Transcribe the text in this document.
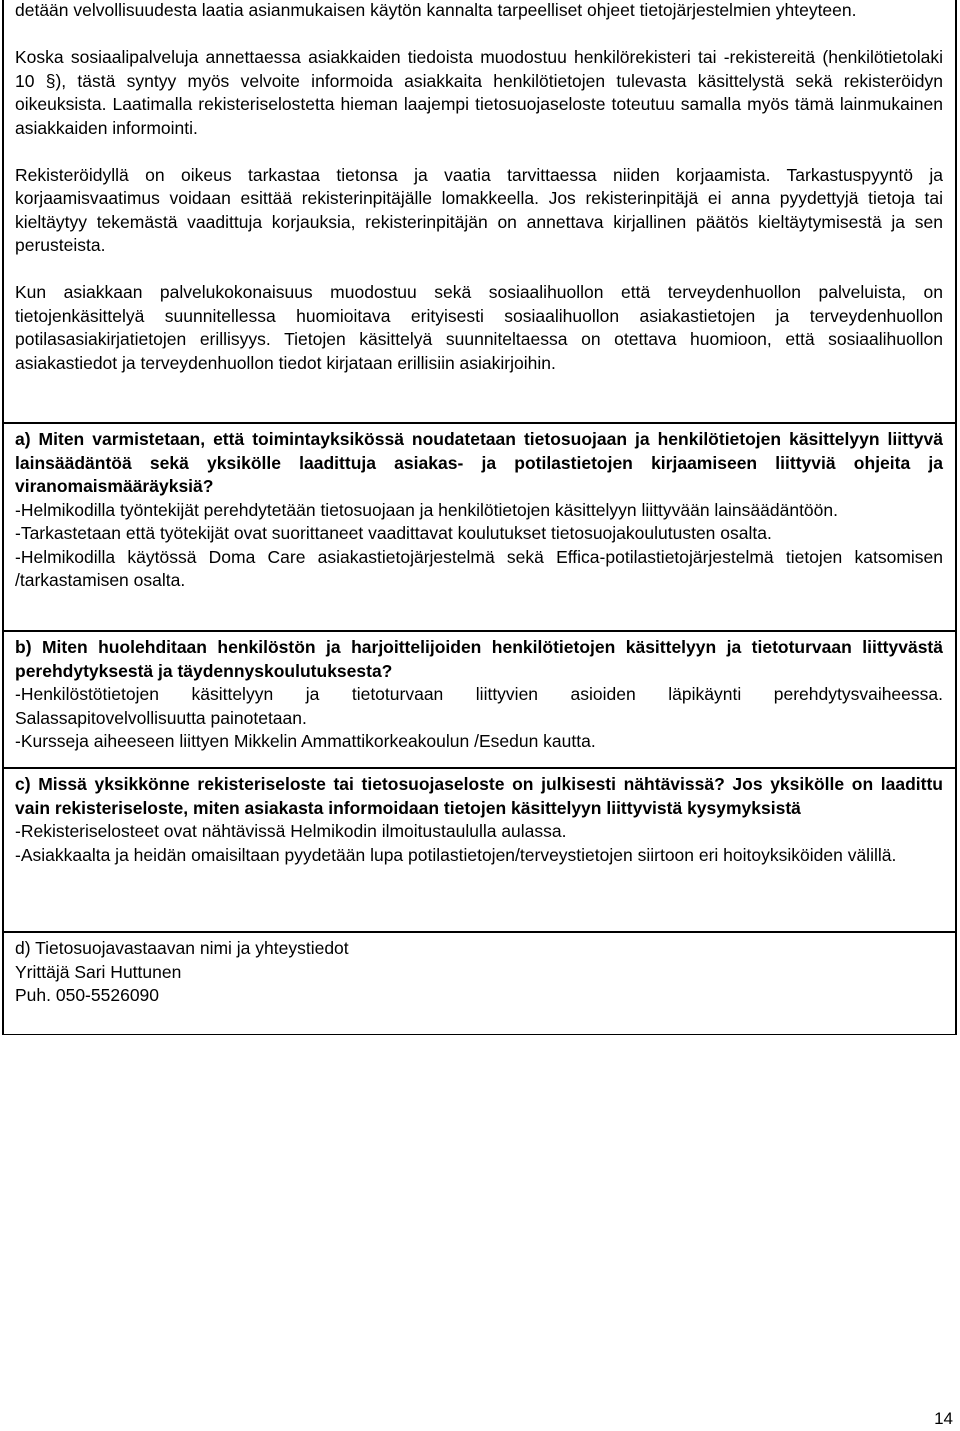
detään velvollisuudesta laatia asianmukaisen käytön kannalta tarpeelliset ohjeet tietojärjestelmien yhteyteen.

Koska sosiaalipalveluja annettaessa asiakkaiden tiedoista muodostuu henkilörekisteri tai -rekistereitä (henkilötietolaki 10 §), tästä syntyy myös velvoite informoida asiakkaita henkilötietojen tulevasta käsittelystä sekä rekisteröidyn oikeuksista. Laatimalla rekisteriselostetta hieman laajempi tietosuojaseloste toteutuu samalla myös tämä lainmukainen asiakkaiden informointi.

Rekisteröidyllä on oikeus tarkastaa tietonsa ja vaatia tarvittaessa niiden korjaamista. Tarkastuspyyntö ja korjaamisvaatimus voidaan esittää rekisterinpitäjälle lomakkeella. Jos rekisterinpitäjä ei anna pyydettyjä tietoja tai kieltäytyy tekemästä vaadittuja korjauksia, rekisterinpitäjän on annettava kirjallinen päätös kieltäytymisestä ja sen perusteista.

Kun asiakkaan palvelukokonaisuus muodostuu sekä sosiaalihuollon että terveydenhuollon palveluista, on tietojenkäsittelyä suunnitellessa huomioitava erityisesti sosiaalihuollon asiakastietojen ja terveydenhuollon potilasasiakirjatietojen erillisyys. Tietojen käsittelyä suunniteltaessa on otettava huomioon, että sosiaalihuollon asiakastiedot ja terveydenhuollon tiedot kirjataan erillisiin asiakirjoihin.

a) Miten varmistetaan, että toimintayksikössä noudatetaan tietosuojaan ja henkilötietojen käsittelyyn liittyvä lainsäädäntöä sekä yksikölle laadittuja asiakas- ja potilastietojen kirjaamiseen liittyviä ohjeita ja viranomaismääräyksiä?

-Helmikodilla työntekijät perehdytetään tietosuojaan ja henkilötietojen käsittelyyn liittyvään lainsäädäntöön.

-Tarkastetaan että työtekijät ovat suorittaneet vaadittavat koulutukset tietosuojakoulutusten osalta.

-Helmikodilla käytössä Doma Care asiakastietojärjestelmä sekä Effica-potilastietojärjestelmä tietojen katsomisen /tarkastamisen osalta.

b) Miten huolehditaan henkilöstön ja harjoittelijoiden henkilötietojen käsittelyyn ja tietoturvaan liittyvästä perehdytyksestä ja täydennyskoulutuksesta?

-Henkilöstötietojen käsittelyyn ja tietoturvaan liittyvien asioiden läpikäynti perehdytysvaiheessa. Salassapitovelvollisuutta painotetaan.

-Kursseja aiheeseen liittyen Mikkelin Ammattikorkeakoulun /Esedun kautta.

c) Missä yksikkönne rekisteriseloste tai tietosuojaseloste on julkisesti nähtävissä? Jos yksikölle on laadittu vain rekisteriseloste, miten asiakasta informoidaan tietojen käsittelyyn liittyvistä kysymyksistä

-Rekisteriselosteet ovat nähtävissä Helmikodin ilmoitustaululla aulassa.

-Asiakkaalta ja heidän omaisiltaan pyydetään lupa potilastietojen/terveystietojen siirtoon eri hoitoyksiköiden välillä.

d) Tietosuojavastaavan nimi ja yhteystiedot

Yrittäjä Sari Huttunen

Puh. 050-5526090

14
